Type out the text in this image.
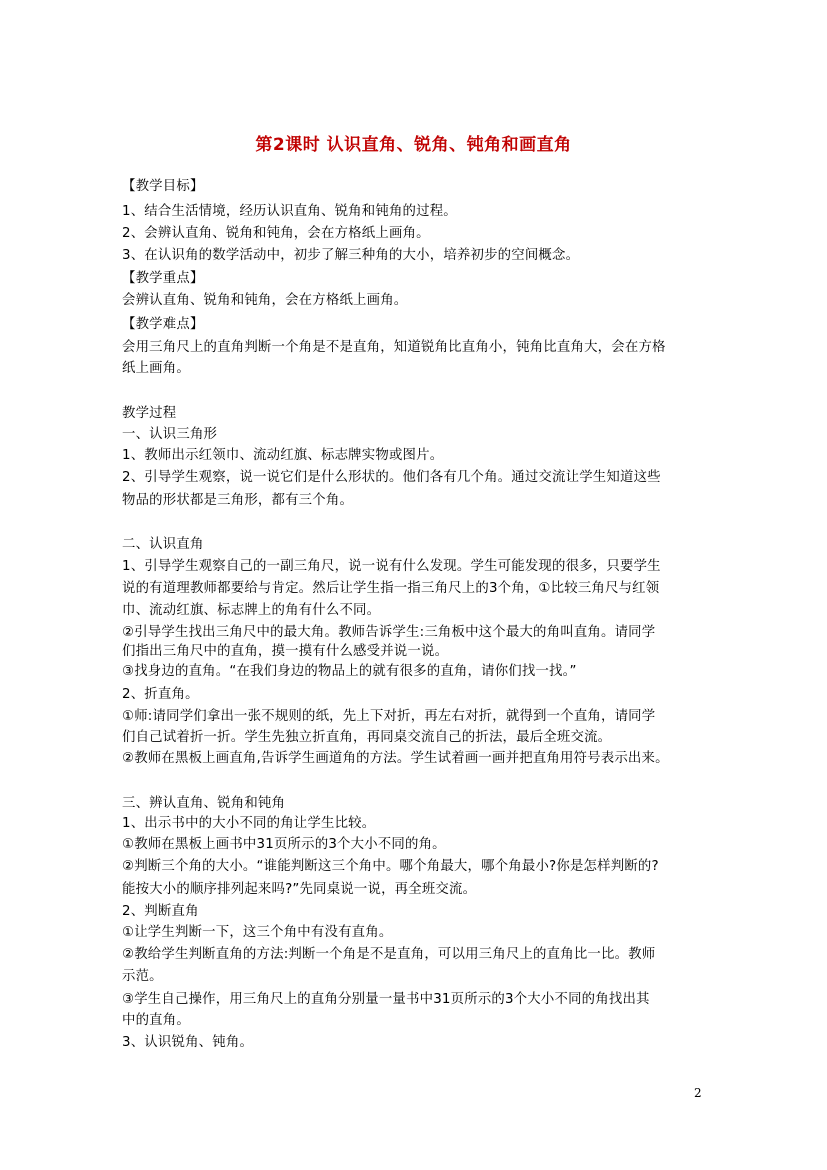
第2课时 认识直角、锐角、钝角和画直角
【教学目标】
1、结合生活情境，经历认识直角、锐角和钝角的过程。
2、会辨认直角、锐角和钝角，会在方格纸上画角。
3、在认识角的数学活动中，初步了解三种角的大小，培养初步的空间概念。
【教学重点】
会辨认直角、锐角和钝角，会在方格纸上画角。
【教学难点】
会用三角尺上的直角判断一个角是不是直角，知道锐角比直角小，钝角比直角大，会在方格
纸上画角。
教学过程
一、认识三角形
1、教师出示红领巾、流动红旗、标志牌实物或图片。
2、引导学生观察，说一说它们是什么形状的。他们各有几个角。通过交流让学生知道这些
物品的形状都是三角形，都有三个角。
二、认识直角
1、引导学生观察自己的一副三角尺，说一说有什么发现。学生可能发现的很多，只要学生
说的有道理教师都要给与肯定。然后让学生指一指三角尺上的3个角，①比较三角尺与红领
巾、流动红旗、标志牌上的角有什么不同。
②引导学生找出三角尺中的最大角。教师告诉学生:三角板中这个最大的角叫直角。请同学
们指出三角尺中的直角，摸一摸有什么感受并说一说。
③找身边的直角。“在我们身边的物品上的就有很多的直角，请你们找一找。”
2、折直角。
①师:请同学们拿出一张不规则的纸，先上下对折，再左右对折，就得到一个直角，请同学
们自己试着折一折。学生先独立折直角，再同桌交流自己的折法，最后全班交流。
②教师在黑板上画直角,告诉学生画道角的方法。学生试着画一画并把直角用符号表示出来。
三、辨认直角、锐角和钝角
1、出示书中的大小不同的角让学生比较。
①教师在黑板上画书中31页所示的3个大小不同的角。
②判断三个角的大小。“谁能判断这三个角中。哪个角最大，哪个角最小?你是怎样判断的?
能按大小的顺序排列起来吗?”先同桌说一说，再全班交流。
2、判断直角
①让学生判断一下，这三个角中有没有直角。
②教给学生判断直角的方法:判断一个角是不是直角，可以用三角尺上的直角比一比。教师
示范。
③学生自己操作，用三角尺上的直角分别量一量书中31页所示的3个大小不同的角找出其
中的直角。
3、认识锐角、钝角。
2
